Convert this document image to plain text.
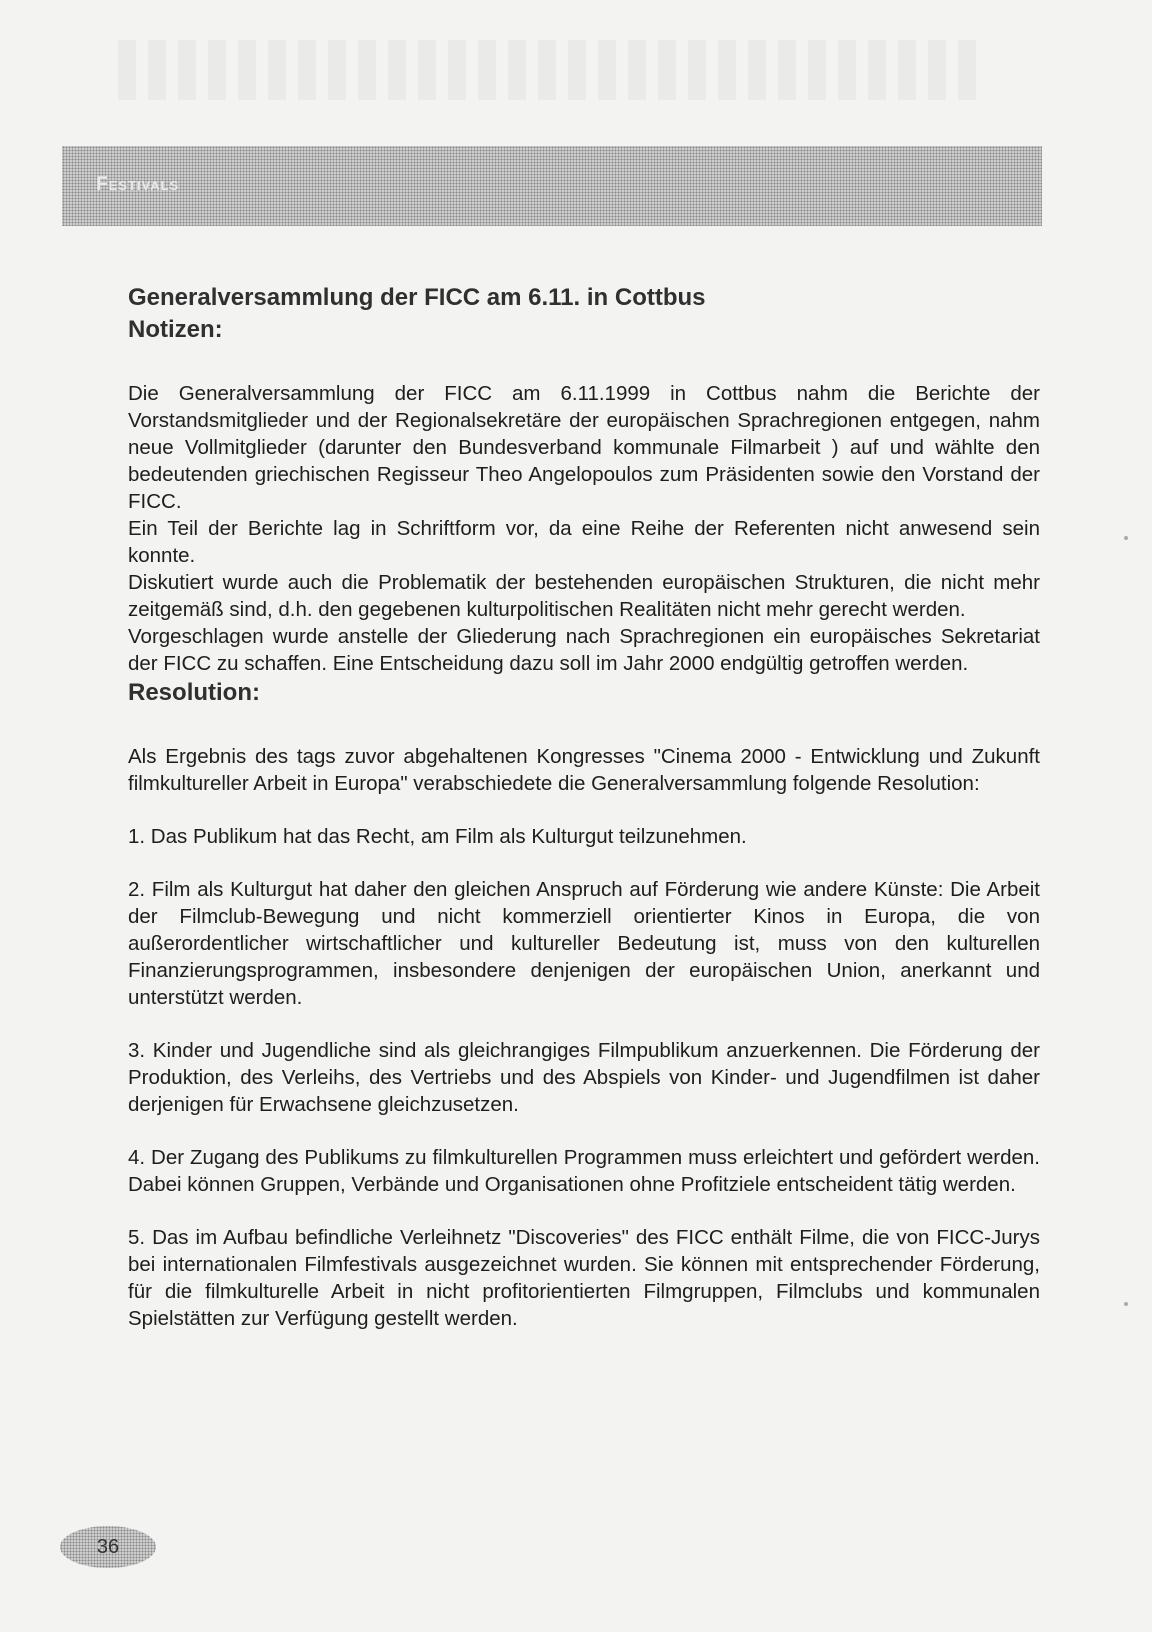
Festivals
Generalversammlung der FICC am 6.11. in Cottbus
Notizen:

Die Generalversammlung der FICC am 6.11.1999 in Cottbus nahm die Berichte der Vorstandsmitglieder und der Regionalsekretäre der europäischen Sprachregionen entgegen, nahm neue Vollmitglieder (darunter den Bundesverband kommunale Filmarbeit ) auf und wählte den bedeutenden griechischen Regisseur Theo Angelopoulos zum Präsidenten sowie den Vorstand der FICC.

Ein Teil der Berichte lag in Schriftform vor, da eine Reihe der Referenten nicht anwesend sein konnte.

Diskutiert wurde auch die Problematik der bestehenden europäischen Strukturen, die nicht mehr zeitgemäß sind, d.h. den gegebenen kulturpolitischen Realitäten nicht mehr gerecht werden.

Vorgeschlagen wurde anstelle der Gliederung nach Sprachregionen ein europäisches Sekretariat der FICC zu schaffen. Eine Entscheidung dazu soll im Jahr 2000 endgültig getroffen werden.

Resolution:

Als Ergebnis des tags zuvor abgehaltenen Kongresses "Cinema 2000 - Entwicklung und Zukunft filmkultureller Arbeit in Europa" verabschiedete die Generalversammlung folgende Resolution:

1. Das Publikum hat das Recht, am Film als Kulturgut teilzunehmen.

2. Film als Kulturgut hat daher den gleichen Anspruch auf Förderung wie andere Künste: Die Arbeit der Filmclub-Bewegung und nicht kommerziell orientierter Kinos in Europa, die von außerordentlicher wirtschaftlicher und kultureller Bedeutung ist, muss von den kulturellen Finanzierungsprogrammen, insbesondere denjenigen der europäischen Union, anerkannt und unterstützt werden.

3. Kinder und Jugendliche sind als gleichrangiges Filmpublikum anzuerkennen. Die Förderung der Produktion, des Verleihs, des Vertriebs und des Abspiels von Kinder- und Jugendfilmen ist daher derjenigen für Erwachsene gleichzusetzen.

4. Der Zugang des Publikums zu filmkulturellen Programmen muss erleichtert und gefördert werden. Dabei können Gruppen, Verbände und Organisationen ohne Profitziele entscheident tätig werden.

5. Das im Aufbau befindliche Verleihnetz "Discoveries" des FICC enthält Filme, die von FICC-Jurys bei internationalen Filmfestivals ausgezeichnet wurden. Sie können mit entsprechender Förderung, für die filmkulturelle Arbeit in nicht profitorientierten Filmgruppen, Filmclubs und kommunalen Spielstätten zur Verfügung gestellt werden.

36
